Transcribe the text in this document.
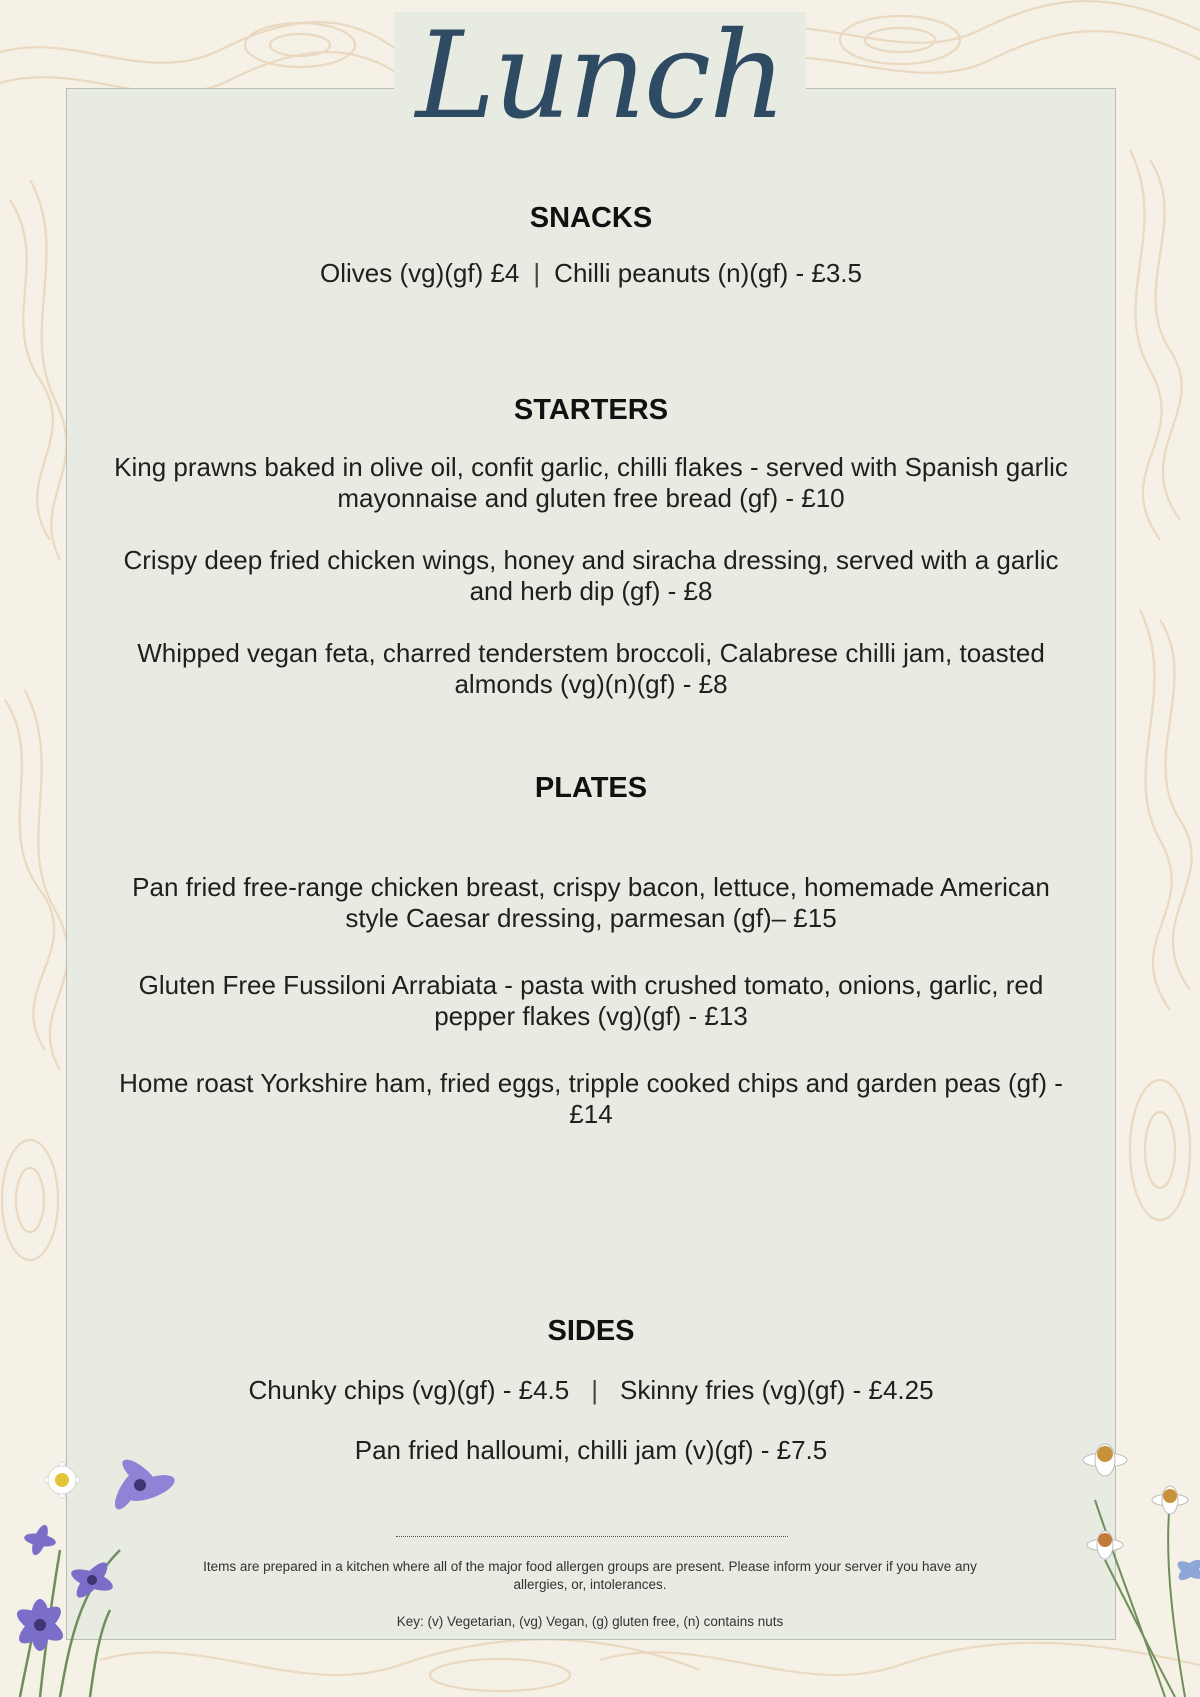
Lunch
SNACKS

Olives (vg)(gf) £4 | Chilli peanuts (n)(gf) - £3.5

STARTERS
King prawns baked in olive oil, confit garlic, chilli flakes - served with Spanish garlic mayonnaise and gluten free bread (gf) - £10
Crispy deep fried chicken wings, honey and siracha dressing, served with a garlic and herb dip (gf) - £8
Whipped vegan feta, charred tenderstem broccoli, Calabrese chilli jam, toasted almonds (vg)(n)(gf) - £8
PLATES
Pan fried free-range chicken breast, crispy bacon, lettuce, homemade American style Caesar dressing, parmesan (gf)– £15
Gluten Free Fussiloni Arrabiata - pasta with crushed tomato, onions, garlic, red pepper flakes (vg)(gf) - £13
Home roast Yorkshire ham, fried eggs, tripple cooked chips and garden peas (gf) - £14
SIDES

Chunky chips (vg)(gf) - £4.5 | Skinny fries (vg)(gf) - £4.25

Pan fried halloumi, chilli jam (v)(gf) - £7.5

Items are prepared in a kitchen where all of the major food allergen groups are present. Please inform your server if you have any allergies, or, intolerances.
Key: (v) Vegetarian, (vg) Vegan, (g) gluten free, (n) contains nuts
